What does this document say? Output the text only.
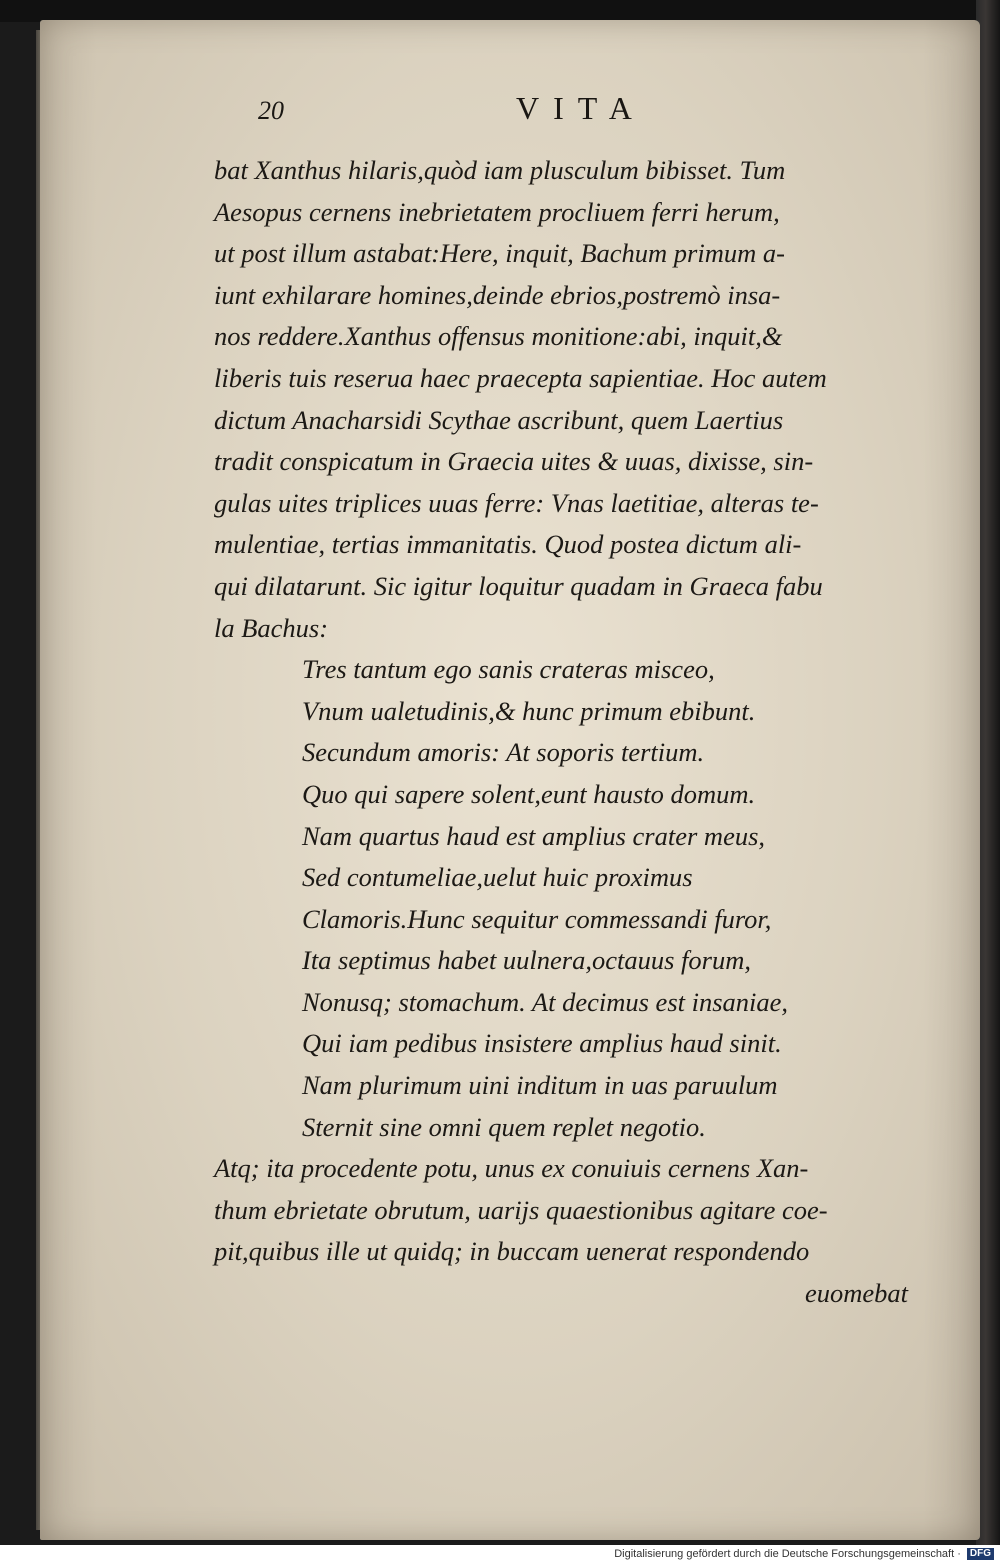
20	VITA
bat Xanthus hilaris,quòd iam plusculum bibisset. Tum
Aesopus cernens inebrietatem procliuem ferri herum,
ut post illum astabat:Here, inquit, Bachum primum a-
iunt exhilarare homines,deinde ebrios,postremò insa-
nos reddere.Xanthus offensus monitione:abi, inquit,&
liberis tuis reserua haec praecepta sapientiae. Hoc autem
dictum Anacharsidi Scythae ascribunt, quem Laertius
tradit conspicatum in Graecia uites & uuas, dixisse, sin-
gulas uites triplices uuas ferre: Vnas laetitiae, alteras te-
mulentiae, tertias immanitatis. Quod postea dictum ali-
qui dilatarunt. Sic igitur loquitur quadam in Graeca fabu
la Bachus:
Tres tantum ego sanis crateras misceo,
Vnum ualetudinis,& hunc primum ebibunt.
Secundum amoris: At soporis tertium.
Quo qui sapere solent,eunt hausto domum.
Nam quartus haud est amplius crater meus,
Sed contumeliae,uelut huic proximus
Clamoris.Hunc sequitur commessandi furor,
Ita septimus habet uulnera,octauus forum,
Nonusq; stomachum. At decimus est insaniae,
Qui iam pedibus insistere amplius haud sinit.
Nam plurimum uini inditum in uas paruulum
Sternit sine omni quem replet negotio.
Atq; ita procedente potu, unus ex conuiuis cernens Xan-
thum ebrietate obrutum, uarijs quaestionibus agitare coe-
pit,quibus ille ut quidq; in buccam uenerat respondendo
euomebat
Digitalisierung gefördert durch die Deutsche Forschungsgemeinschaft · DFG
